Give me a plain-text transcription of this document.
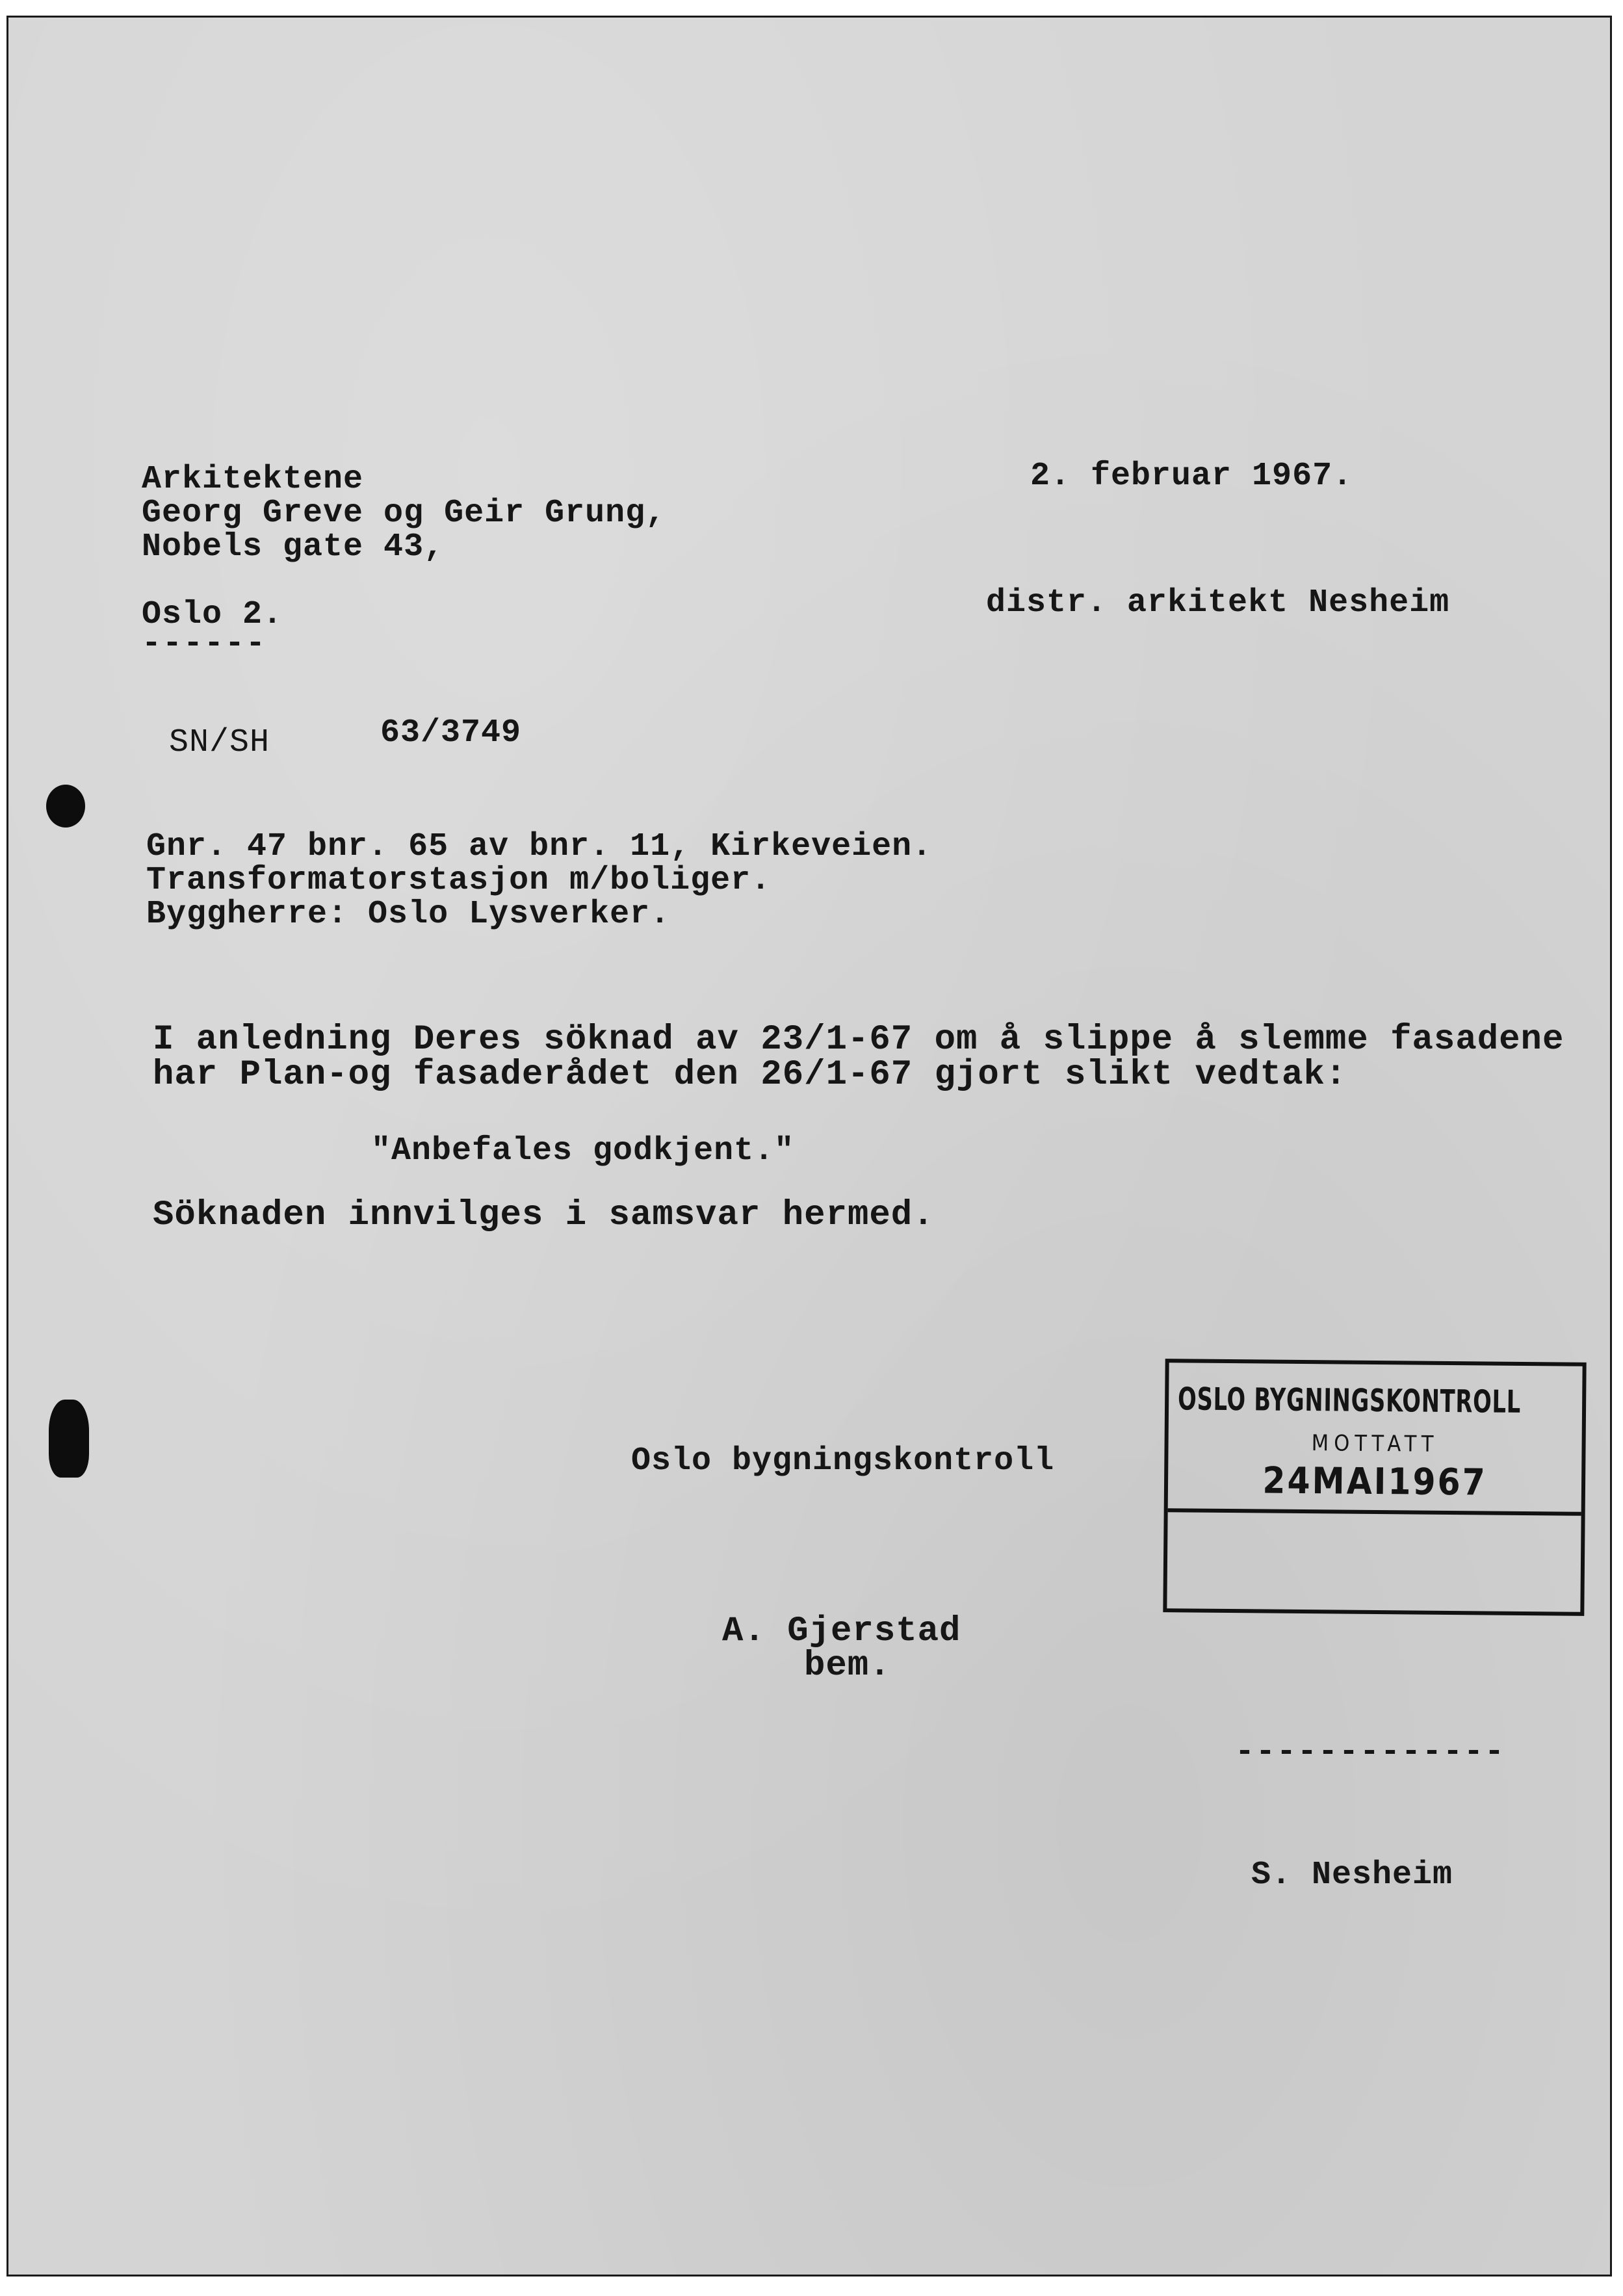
Arkitektene
Georg Greve og Geir Grung,
Nobels gate 43,
Oslo 2.
------
2. februar 1967.
distr. arkitekt Nesheim
SN/SH	63/3749
Gnr. 47 bnr. 65 av bnr. 11, Kirkeveien.
Transformatorstasjon m/boliger.
Byggherre: Oslo Lysverker.
I anledning Deres söknad av 23/1-67 om å slippe å slemme fasadene
har Plan-og fasaderådet den 26/1-67 gjort slikt vedtak:
"Anbefales godkjent."
Söknaden innvilges i samsvar hermed.
Oslo bygningskontroll
A. Gjerstad
bem.
OSLO BYGNINGSKONTROLL
MOTTATT
24MAI1967
-------------
S. Nesheim
